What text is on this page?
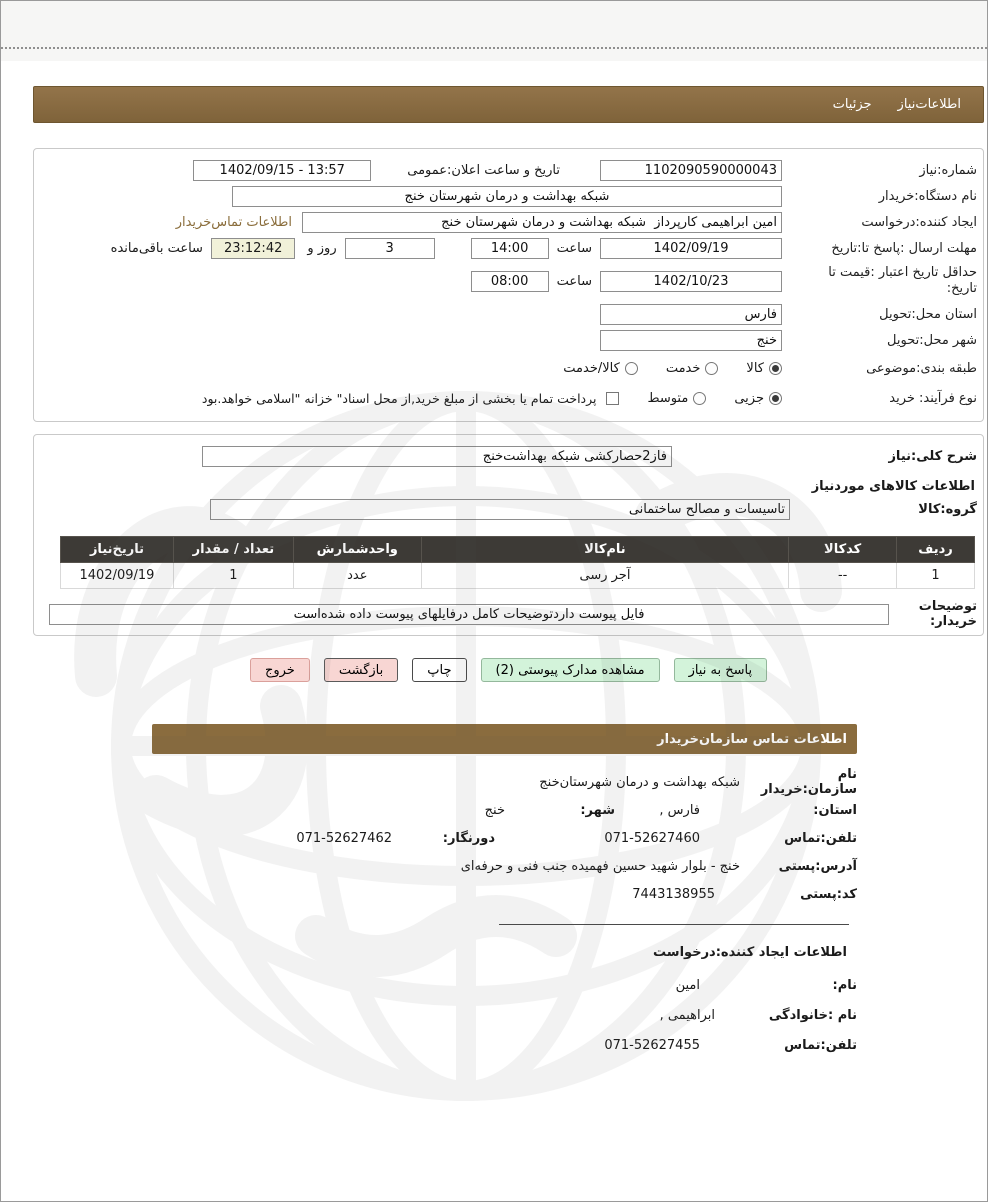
اطلاعات‌نیاز
جزئیات
شماره:نیاز
1102090590000043
تاریخ و ساعت اعلان:عمومی
1402/09/15 - 13:57
نام دستگاه:خریدار
شبکه بهداشت و درمان شهرستان خنج
ایجاد کننده:درخواست
امین ابراهیمی کارپرداز شبکه بهداشت و درمان شهرستان خنج
اطلاعات تماس‌خریدار
مهلت ارسال :پاسخ تا:تاریخ
1402/09/19
ساعت
14:00
3
روز و
23:12:42
ساعت باقی‌مانده
حداقل تاریخ اعتبار :قیمت تا
تاریخ:
1402/10/23
ساعت
08:00
استان محل:تحویل
فارس
شهر محل:تحویل
خنج
طبقه بندی:موضوعی
کالا
خدمت
کالا/خدمت
نوع فرآیند: خرید
جزیی
متوسط
پرداخت تمام یا بخشی از مبلغ خرید,از محل اسناد" خزانه "اسلامی خواهد.بود
شرح کلی:نیاز
فاز2حصارکشی شبکه بهداشت‌خنج
اطلاعات کالاهای موردنیاز
گروه:کالا
تاسیسات و مصالح ساختمانی
ردیف	کدکالا	نام‌کالا	واحدشمارش	تعداد / مقدار	تاریخ‌نیاز
1	--	آجر رسی	عدد	1	1402/09/19
توضیحات
خریدار:
فایل پیوست داردتوضیحات کامل درفایلهای پیوست داده شده‌است
پاسخ به نیاز
مشاهده مدارک پیوستی (2)
چاپ
بازگشت
خروج
اطلاعات تماس سازمان‌خریدار
نام سازمان:خریدار
شبکه بهداشت و درمان شهرستان‌خنج
استان:
فارس ,
شهر:
خنج
تلفن:تماس
071-52627460
دورنگار:
071-52627462
آدرس:پستی
خنج - بلوار شهید حسین فهمیده جنب فنی و حرفه‌ای
کد:پستی
7443138955
اطلاعات ایجاد کننده:درخواست
نام:
امین
نام :خانوادگی
ابراهیمی ,
تلفن:تماس
071-52627455
